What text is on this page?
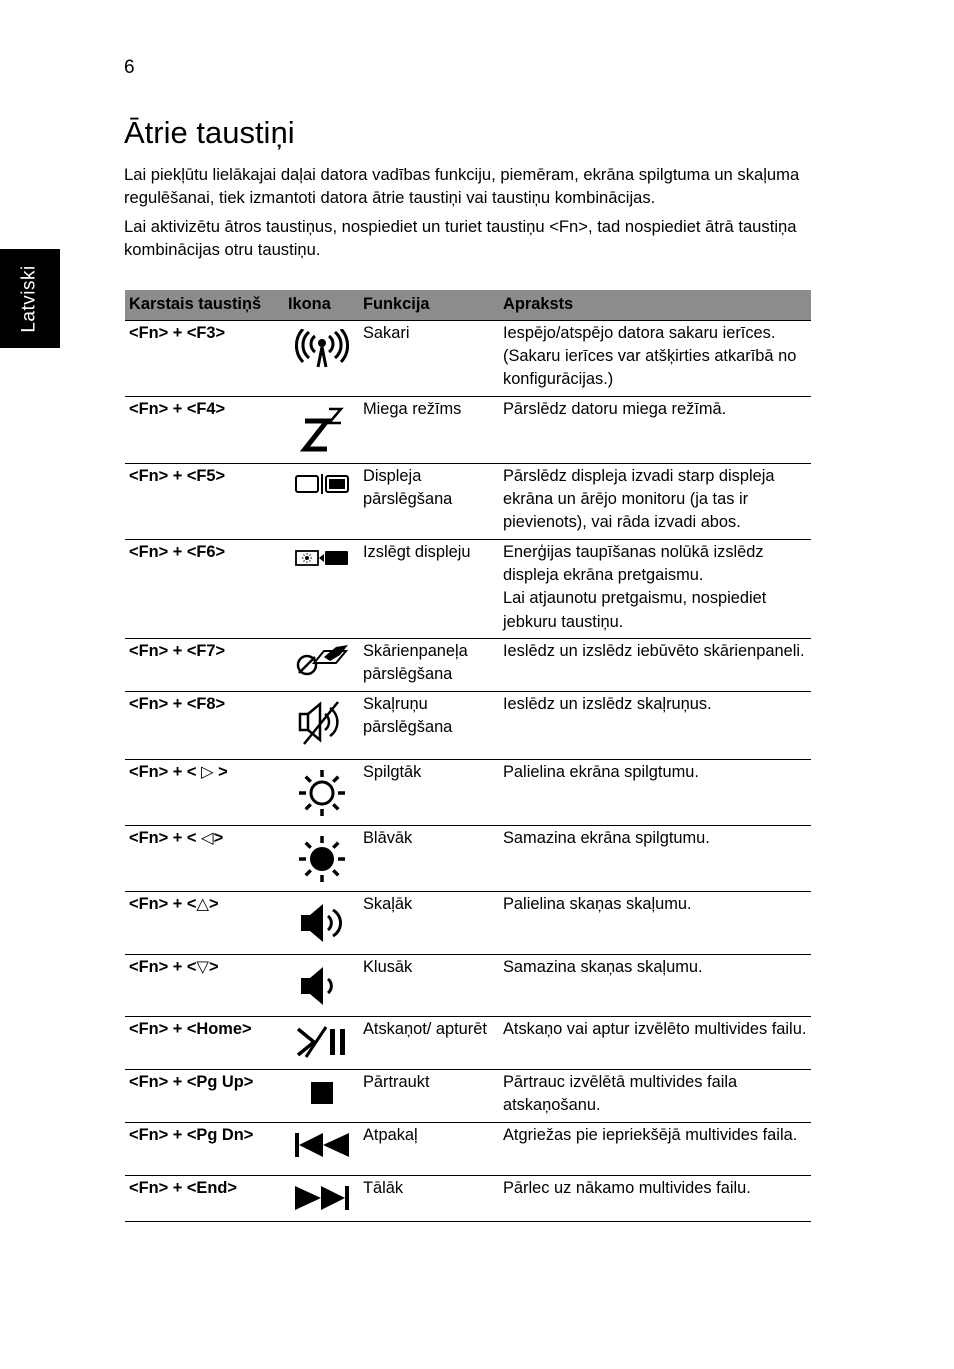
6
Latviski
Ātrie taustiņi

Lai piekļūtu lielākajai daļai datora vadības funkciju, piemēram, ekrāna spilgtuma un skaļuma regulēšanai, tiek izmantoti datora ātrie taustiņi vai taustiņu kombinācijas.

Lai aktivizētu ātros taustiņus, nospiediet un turiet taustiņu <Fn>, tad nospiediet ātrā taustiņa kombinācijas otru taustiņu.

Karstais taustiņš	Ikona	Funkcija	Apraksts
<Fn> + <F3>		Sakari	Iespējo/atspējo datora sakaru ierīces. (Sakaru ierīces var atšķirties atkarībā no konfigurācijas.)

<Fn> + <F4>		Miega režīms	Pārslēdz datoru miega režīmā.

<Fn> + <F5>		Displeja pārslēgšana	Pārslēdz displeja izvadi starp displeja ekrāna un ārējo monitoru (ja tas ir pievienots), vai rāda izvadi abos.

<Fn> + <F6>		Izslēgt displeju	Enerģijas taupīšanas nolūkā izslēdz displeja ekrāna pretgaismu.
Lai atjaunotu pretgaismu, nospiediet jebkuru taustiņu.

<Fn> + <F7>		Skārienpaneļa pārslēgšana	Ieslēdz un izslēdz iebūvēto skārienpaneli.

<Fn> + <F8>		Skaļruņu pārslēgšana	Ieslēdz un izslēdz skaļruņus.

<Fn> + < ▷ >		Spilgtāk	Palielina ekrāna spilgtumu.

<Fn> + < ◁>		Blāvāk	Samazina ekrāna spilgtumu.

<Fn> + <△>		Skaļāk	Palielina skaņas skaļumu.

<Fn> + <▽>		Klusāk	Samazina skaņas skaļumu.

<Fn> + <Home>		Atskaņot/ apturēt	Atskaņo vai aptur izvēlēto multivides failu.

<Fn> + <Pg Up>		Pārtraukt	Pārtrauc izvēlētā multivides faila atskaņošanu.

<Fn> + <Pg Dn>		Atpakaļ	Atgriežas pie iepriekšējā multivides faila.

<Fn> + <End>		Tālāk	Pārlec uz nākamo multivides failu.
